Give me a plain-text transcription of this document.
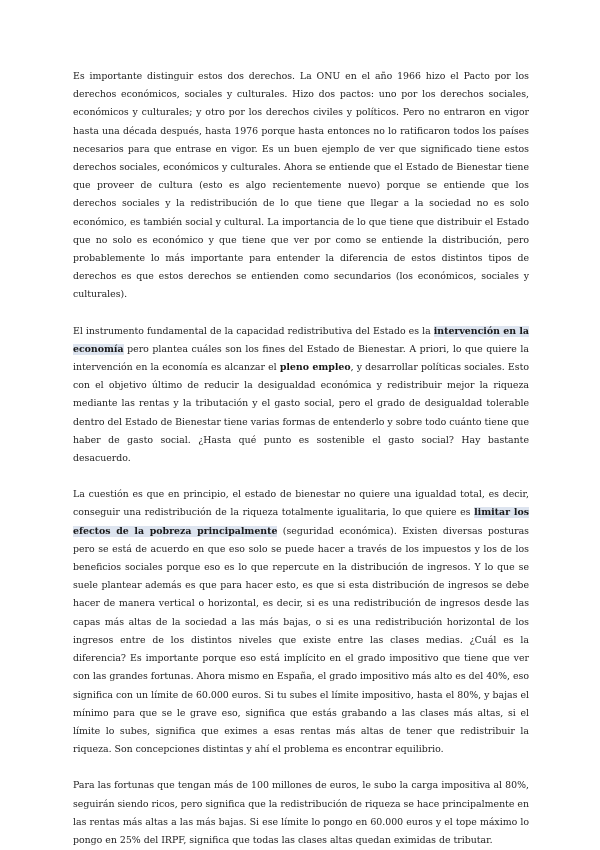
Es importante distinguir estos dos derechos. La ONU en el año 1966 hizo el Pacto por los derechos económicos, sociales y culturales. Hizo dos pactos: uno por los derechos sociales, económicos y culturales; y otro por los derechos civiles y políticos. Pero no entraron en vigor hasta una década después, hasta 1976 porque hasta entonces no lo ratificaron todos los países necesarios para que entrase en vigor. Es un buen ejemplo de ver que significado tiene estos derechos sociales, económicos y culturales. Ahora se entiende que el Estado de Bienestar tiene que proveer de cultura (esto es algo recientemente nuevo) porque se entiende que los derechos sociales y la redistribución de lo que tiene que llegar a la sociedad no es solo económico, es también social y cultural. La importancia de lo que tiene que distribuir el Estado que no solo es económico y que tiene que ver por como se entiende la distribución, pero probablemente lo más importante para entender la diferencia de estos distintos tipos de derechos es que estos derechos se entienden como secundarios (los económicos, sociales y culturales).

El instrumento fundamental de la capacidad redistributiva del Estado es la intervención en la economía pero plantea cuáles son los fines del Estado de Bienestar. A priori, lo que quiere la intervención en la economía es alcanzar el pleno empleo, y desarrollar políticas sociales. Esto con el objetivo último de reducir la desigualdad económica y redistribuir mejor la riqueza mediante las rentas y la tributación y el gasto social, pero el grado de desigualdad tolerable dentro del Estado de Bienestar tiene varias formas de entenderlo y sobre todo cuánto tiene que haber de gasto social. ¿Hasta qué punto es sostenible el gasto social? Hay bastante desacuerdo.

La cuestión es que en principio, el estado de bienestar no quiere una igualdad total, es decir, conseguir una redistribución de la riqueza totalmente igualitaria, lo que quiere es limitar los efectos de la pobreza principalmente (seguridad económica). Existen diversas posturas pero se está de acuerdo en que eso solo se puede hacer a través de los impuestos y los de los beneficios sociales porque eso es lo que repercute en la distribución de ingresos. Y lo que se suele plantear además es que para hacer esto, es que si esta distribución de ingresos se debe hacer de manera vertical o horizontal, es decir, si es una redistribución de ingresos desde las capas más altas de la sociedad a las más bajas, o si es una redistribución horizontal de los ingresos entre de los distintos niveles que existe entre las clases medias. ¿Cuál es la diferencia? Es importante porque eso está implícito en el grado impositivo que tiene que ver con las grandes fortunas. Ahora mismo en España, el grado impositivo más alto es del 40%, eso significa con un límite de 60.000 euros. Si tu subes el límite impositivo, hasta el 80%, y bajas el mínimo para que se le grave eso, significa que estás grabando a las clases más altas, si el límite lo subes, significa que eximes a esas rentas más altas de tener que redistribuir la riqueza. Son concepciones distintas y ahí el problema es encontrar equilibrio.

Para las fortunas que tengan más de 100 millones de euros, le subo la carga impositiva al 80%, seguirán siendo ricos, pero significa que la redistribución de riqueza se hace principalmente en las rentas más altas a las más bajas. Si ese límite lo pongo en 60.000 euros y el tope máximo lo pongo en 25% del IRPF, significa que todas las clases altas quedan eximidas de tributar.
